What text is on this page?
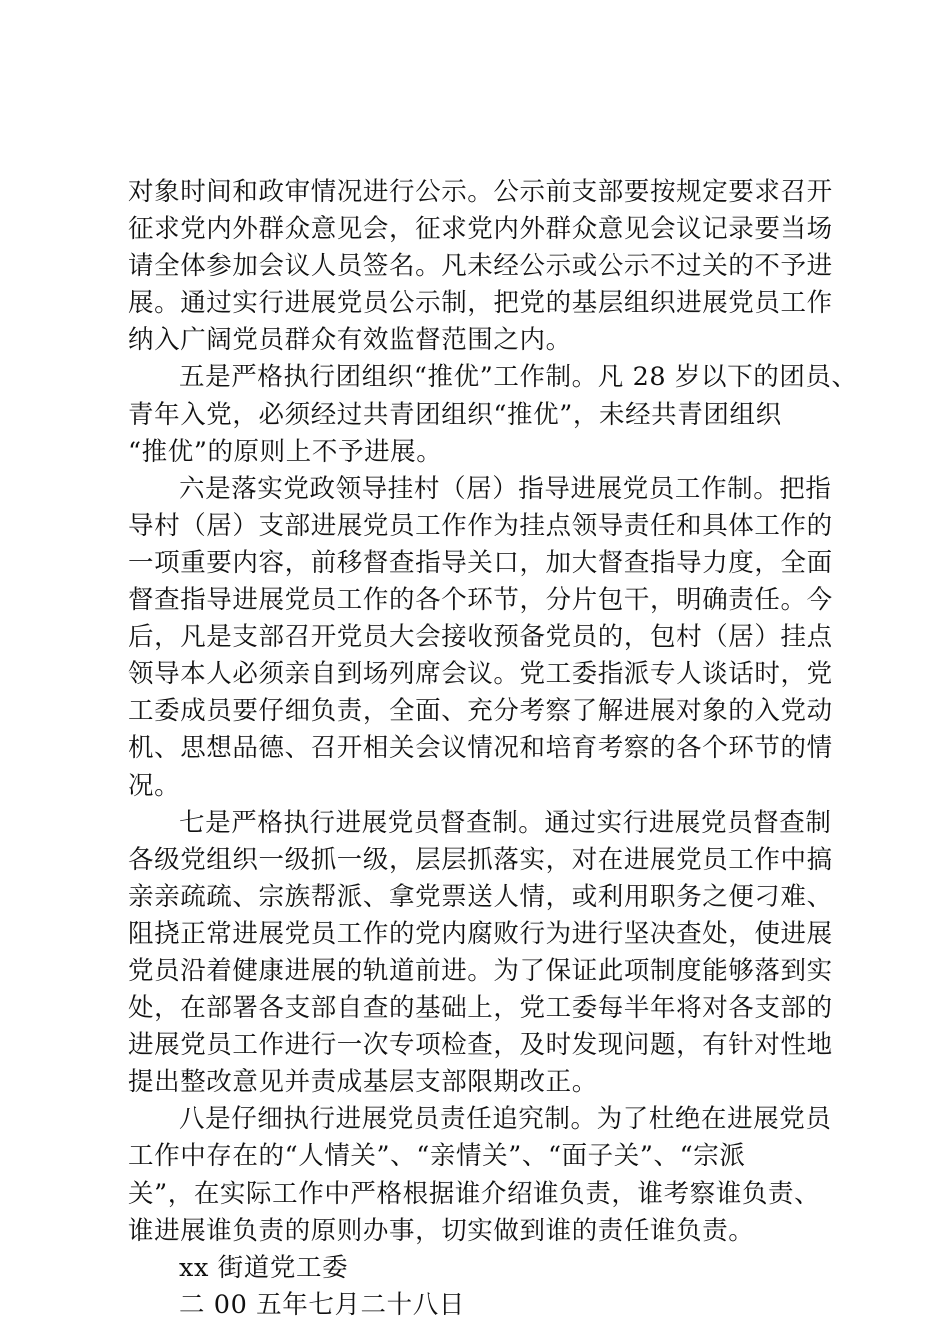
对象时间和政审情况进行公示。公示前支部要按规定要求召开
征求党内外群众意见会，征求党内外群众意见会议记录要当场
请全体参加会议人员签名。凡未经公示或公示不过关的不予进
展。通过实行进展党员公示制，把党的基层组织进展党员工作
纳入广阔党员群众有效监督范围之内。
五是严格执行团组织“推优”工作制。凡 28 岁以下的团员、
青年入党，必须经过共青团组织“推优”，未经共青团组织
“推优”的原则上不予进展。
六是落实党政领导挂村（居）指导进展党员工作制。把指
导村（居）支部进展党员工作作为挂点领导责任和具体工作的
一项重要内容，前移督查指导关口，加大督查指导力度，全面
督查指导进展党员工作的各个环节，分片包干，明确责任。今
后，凡是支部召开党员大会接收预备党员的，包村（居）挂点
领导本人必须亲自到场列席会议。党工委指派专人谈话时，党
工委成员要仔细负责，全面、充分考察了解进展对象的入党动
机、思想品德、召开相关会议情况和培育考察的各个环节的情
况。
七是严格执行进展党员督查制。通过实行进展党员督查制
各级党组织一级抓一级，层层抓落实，对在进展党员工作中搞
亲亲疏疏、宗族帮派、拿党票送人情，或利用职务之便刁难、
阻挠正常进展党员工作的党内腐败行为进行坚决查处，使进展
党员沿着健康进展的轨道前进。为了保证此项制度能够落到实
处，在部署各支部自查的基础上，党工委每半年将对各支部的
进展党员工作进行一次专项检查，及时发现问题，有针对性地
提出整改意见并责成基层支部限期改正。
八是仔细执行进展党员责任追究制。为了杜绝在进展党员
工作中存在的“人情关”、“亲情关”、“面子关”、“宗派
关”，在实际工作中严格根据谁介绍谁负责，谁考察谁负责、
谁进展谁负责的原则办事，切实做到谁的责任谁负责。
xx 街道党工委
二 00 五年七月二十八日
